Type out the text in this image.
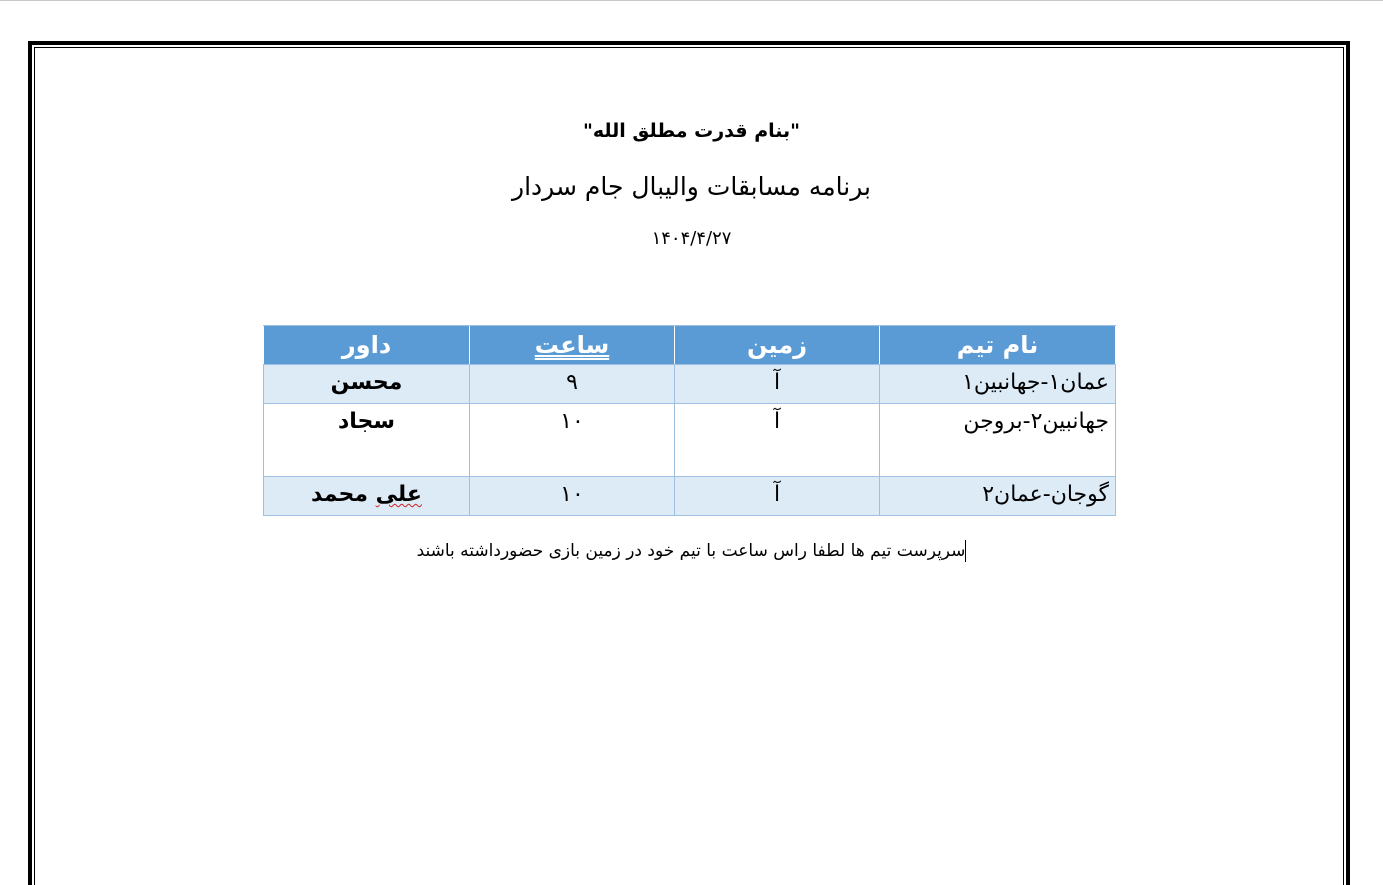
"بنام قدرت مطلق الله"
برنامه مسابقات والیبال جام سردار
۱۴۰۴/۴/۲۷
نام تیم	زمین	ساعت	داور
عمان۱-جهانبین۱	آ	۹	محسن
جهانبین۲-بروجن	آ	۱۰	سجاد
گوجان-عمان۲	آ	۱۰	علی محمد
سرپرست تیم ها لطفا راس ساعت با تیم خود در زمین بازی حضورداشته باشند
